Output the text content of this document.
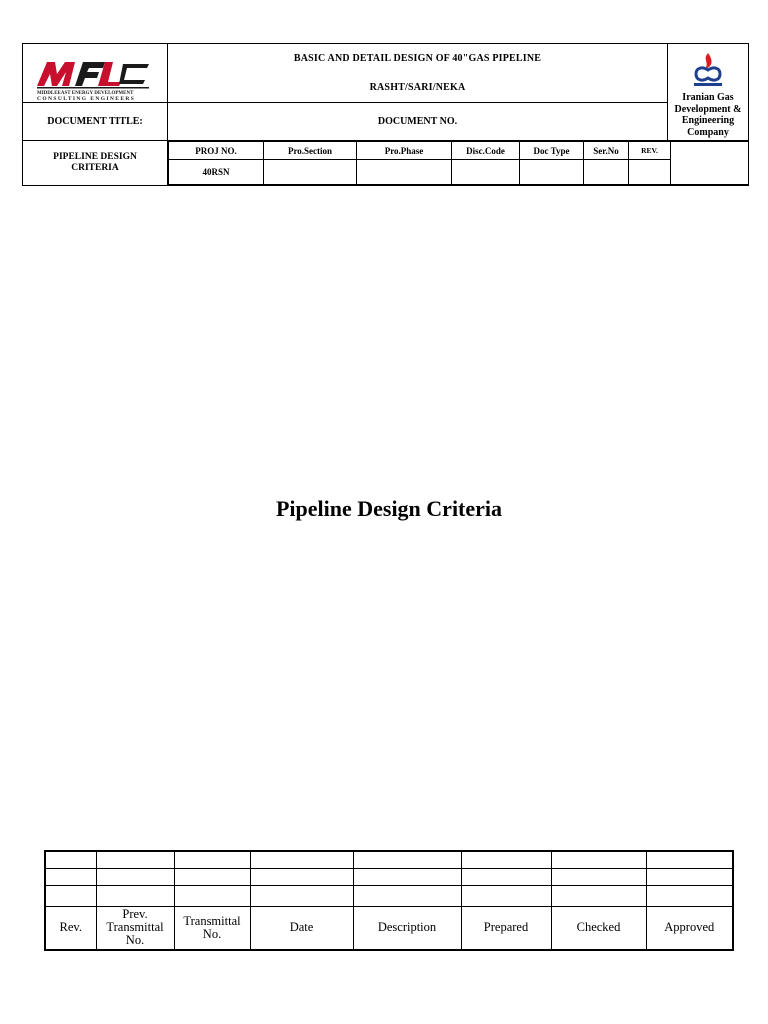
MIDDLEEAST ENERGY DEVELOPMENT
CONSULTING ENGINEERS

BASIC AND DETAIL DESIGN OF 40"GAS PIPELINE
RASHT/SARI/NEKA

Iranian Gas
Development &
Engineering
Company

DOCUMENT TITLE:	DOCUMENT NO.
PIPELINE DESIGN CRITERIA	
PROJ NO.	Pro.Section	Pro.Phase	Disc.Code	Doc Type	Ser.No	REV.	
40RSN						
Pipeline Design Criteria

Rev.	Prev. Transmittal No.	Transmittal No.	Date	Description	Prepared	Checked	Approved
